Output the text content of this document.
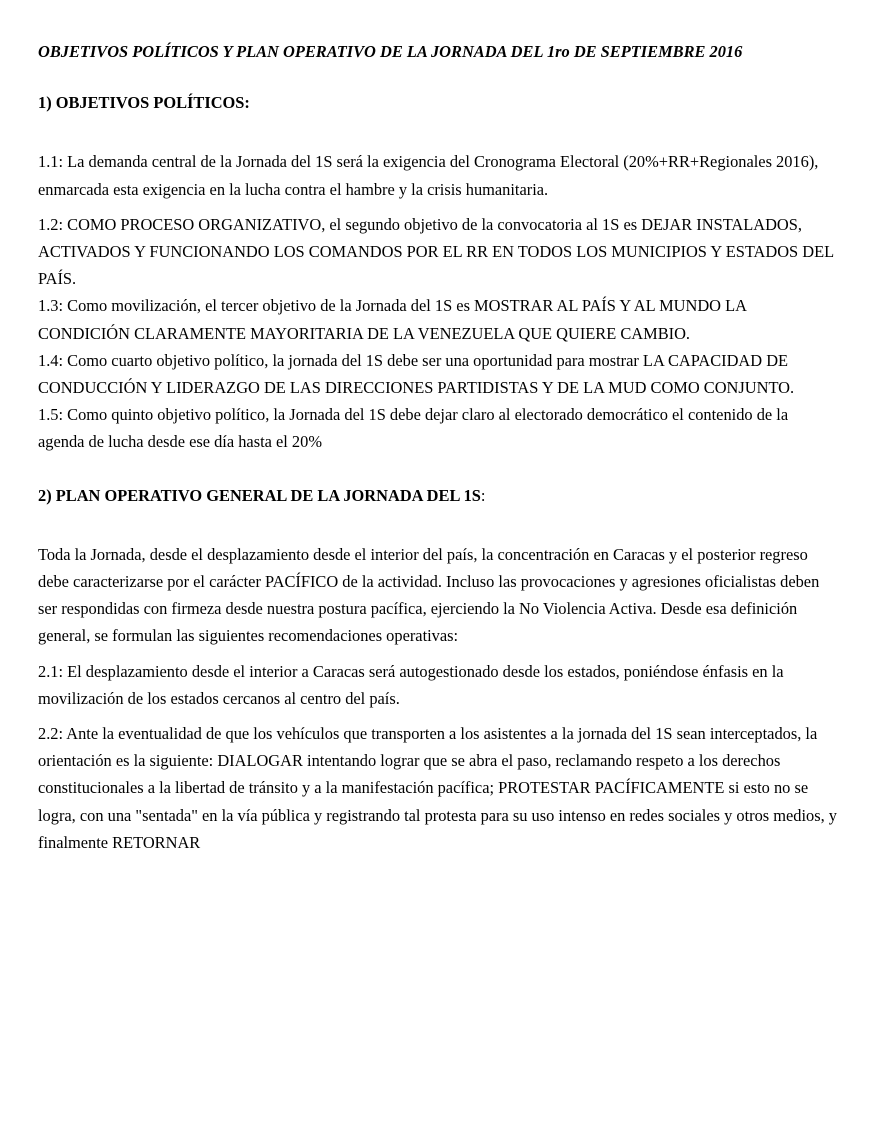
OBJETIVOS POLÍTICOS Y PLAN OPERATIVO DE LA JORNADA DEL 1ro DE SEPTIEMBRE 2016

1) OBJETIVOS POLÍTICOS:

1.1: La demanda central de la Jornada del 1S será la exigencia del Cronograma Electoral (20%+RR+Regionales 2016), enmarcada esta exigencia en la lucha contra el hambre y la crisis humanitaria.

1.2: COMO PROCESO ORGANIZATIVO, el segundo objetivo de la convocatoria al 1S es DEJAR INSTALADOS, ACTIVADOS Y FUNCIONANDO LOS COMANDOS POR EL RR EN TODOS LOS MUNICIPIOS Y ESTADOS DEL PAÍS.

1.3: Como movilización, el tercer objetivo de la Jornada del 1S es MOSTRAR AL PAÍS Y AL MUNDO LA CONDICIÓN CLARAMENTE MAYORITARIA DE LA VENEZUELA QUE QUIERE CAMBIO.

1.4: Como cuarto objetivo político, la jornada del 1S debe ser una oportunidad para mostrar LA CAPACIDAD DE CONDUCCIÓN Y LIDERAZGO DE LAS DIRECCIONES PARTIDISTAS Y DE LA MUD COMO CONJUNTO.

1.5: Como quinto objetivo político, la Jornada del 1S debe dejar claro al electorado democrático el contenido de la agenda de lucha desde ese día hasta el 20%

2) PLAN OPERATIVO GENERAL DE LA JORNADA DEL 1S:

Toda la Jornada, desde el desplazamiento desde el interior del país, la concentración en Caracas y el posterior regreso debe caracterizarse por el carácter PACÍFICO de la actividad. Incluso las provocaciones y agresiones oficialistas deben ser respondidas con firmeza desde nuestra postura pacífica, ejerciendo la No Violencia Activa. Desde esa definición general, se formulan las siguientes recomendaciones operativas:

2.1: El desplazamiento desde el interior a Caracas será autogestionado desde los estados, poniéndose énfasis en la movilización de los estados cercanos al centro del país.

2.2: Ante la eventualidad de que los vehículos que transporten a los asistentes a la jornada del 1S sean interceptados, la orientación es la siguiente: DIALOGAR intentando lograr que se abra el paso, reclamando respeto a los derechos constitucionales a la libertad de tránsito y a la manifestación pacífica; PROTESTAR PACÍFICAMENTE si esto no se logra, con una "sentada" en la vía pública y registrando tal protesta para su uso intenso en redes sociales y otros medios, y finalmente RETORNAR
